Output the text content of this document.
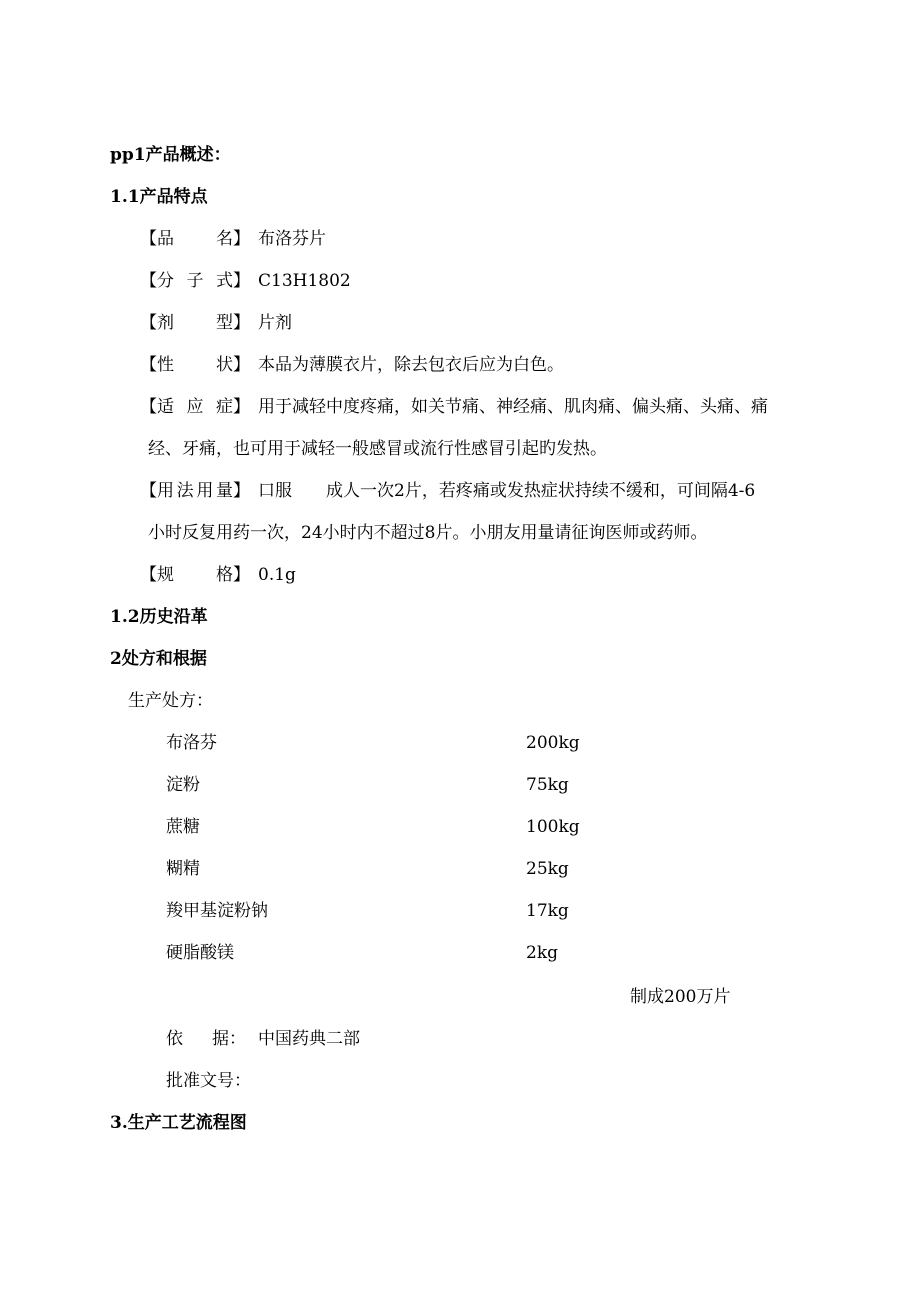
pp1产品概述：
1.1产品特点
【品 名】 布洛芬片
【分 子 式】 C13H1802
【剂 型】 片剂
【性 状】 本品为薄膜衣片，除去包衣后应为白色。
【适 应 症】 用于减轻中度疼痛，如关节痛、神经痛、肌肉痛、偏头痛、头痛、痛
经、牙痛，也可用于减轻一般感冒或流行性感冒引起旳发热。
【用 法 用 量】 口服　　成人一次2片，若疼痛或发热症状持续不缓和，可间隔4-6
小时反复用药一次，24小时内不超过8片。小朋友用量请征询医师或药师。
【规 格】 0.1g
1.2历史沿革
2处方和根据
生产处方：
布洛芬	200kg
淀粉	75kg
蔗糖	100kg
糊精	25kg
羧甲基淀粉钠	17kg
硬脂酸镁	2kg
制成200万片
依 据： 中国药典二部
批准文号：
3.生产工艺流程图
